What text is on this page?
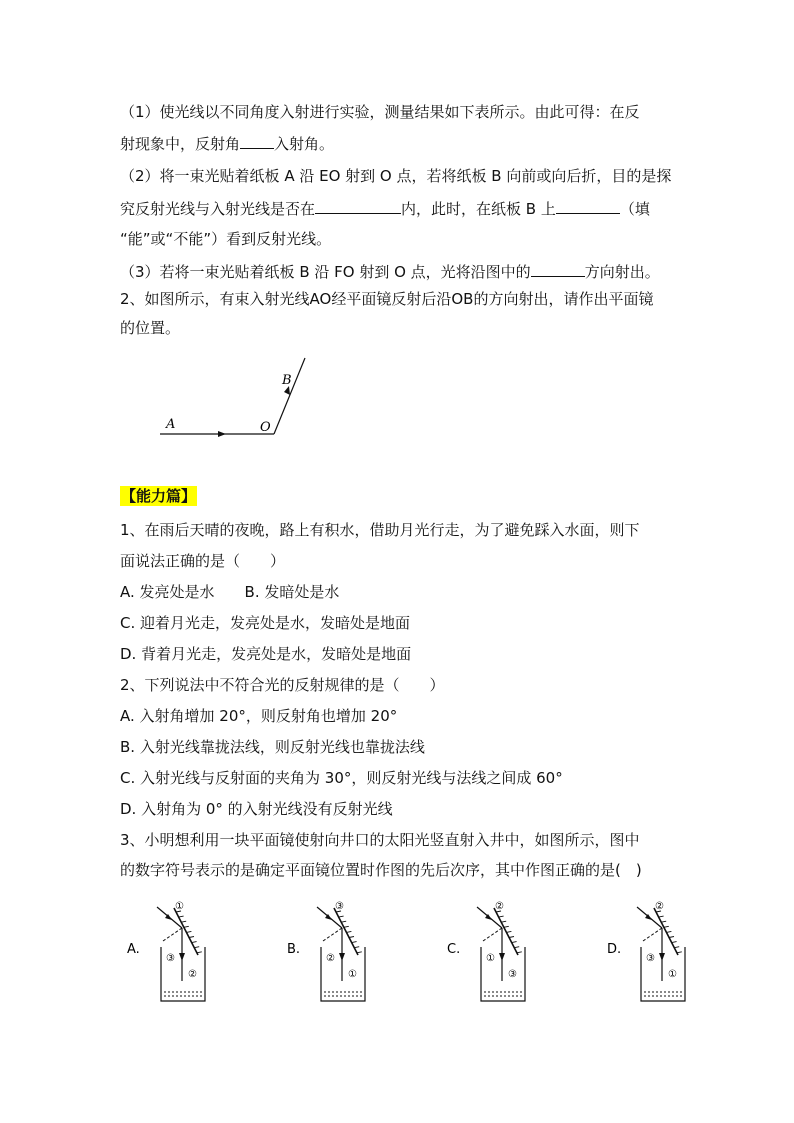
（1）使光线以不同角度入射进行实验，测量结果如下表所示。由此可得：在反
射现象中，反射角 入射角。
（2）将一束光贴着纸板 A 沿 EO 射到 O 点，若将纸板 B 向前或向后折，目的是探
究反射光线与入射光线是否在	内，此时，在纸板 B 上	（填
“能”或“不能”）看到反射光线。
（3）若将一束光贴着纸板 B 沿 FO 射到 O 点，光将沿图中的	方向射出。
2、如图所示，有束入射光线AO经平面镜反射后沿OB的方向射出，请作出平面镜
的位置。
A	O
B
【能力篇】
1、在雨后天晴的夜晚，路上有积水，借助月光行走，为了避免踩入水面，则下
面说法正确的是（　　）
A. 发亮处是水 B. 发暗处是水
C. 迎着月光走，发亮处是水，发暗处是地面
D. 背着月光走，发亮处是水，发暗处是地面
2、下列说法中不符合光的反射规律的是（　　）
A. 入射角增加 20°，则反射角也增加 20°
B. 入射光线靠拢法线，则反射光线也靠拢法线
C. 入射光线与反射面的夹角为 30°，则反射光线与法线之间成 60°
D. 入射角为 0° 的入射光线没有反射光线
3、小明想利用一块平面镜使射向井口的太阳光竖直射入井中，如图所示，图中
的数字符号表示的是确定平面镜位置时作图的先后次序，其中作图正确的是(　)
A.
①
③
②
B.
③
②
①
C.
②
①
③
D.
②
③
①
